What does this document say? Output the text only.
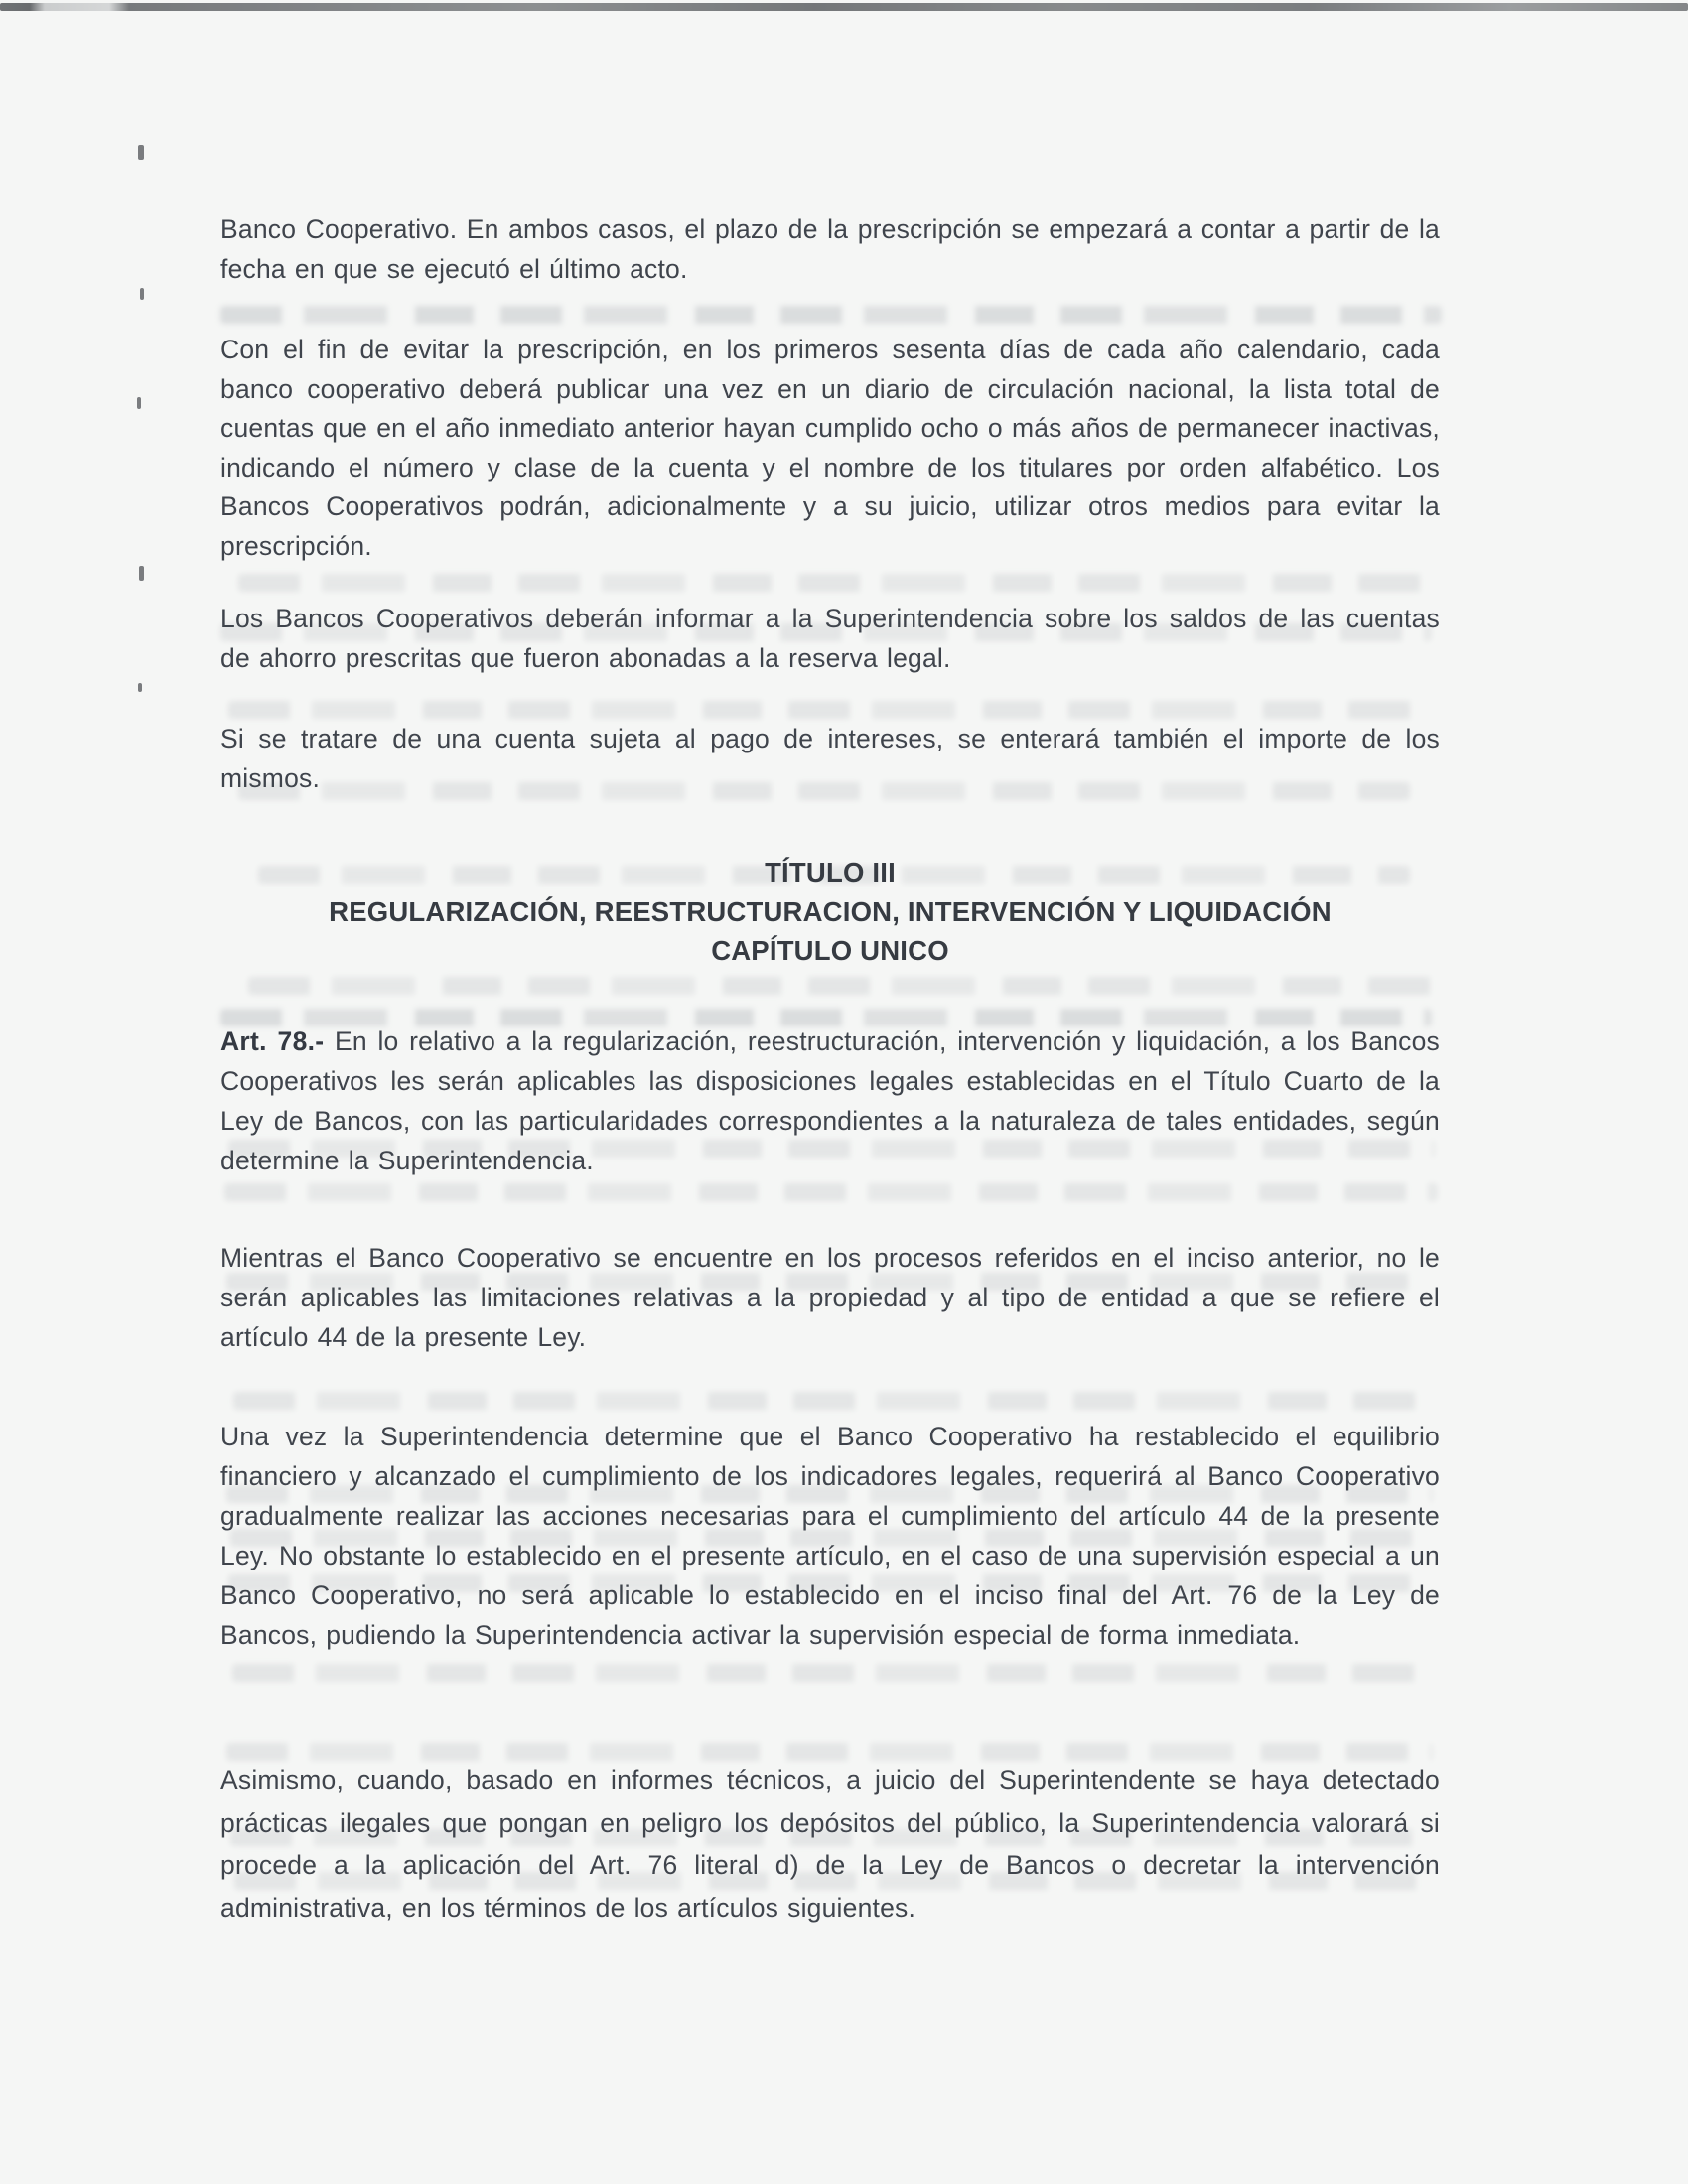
Banco Cooperativo. En ambos casos, el plazo de la prescripción se empezará a contar a partir de la fecha en que se ejecutó el último acto.

Con el fin de evitar la prescripción, en los primeros sesenta días de cada año calendario, cada banco cooperativo deberá publicar una vez en un diario de circulación nacional, la lista total de cuentas que en el año inmediato anterior hayan cumplido ocho o más años de permanecer inactivas, indicando el número y clase de la cuenta y el nombre de los titulares por orden alfabético. Los Bancos Cooperativos podrán, adicionalmente y a su juicio, utilizar otros medios para evitar la prescripción.

Los Bancos Cooperativos deberán informar a la Superintendencia sobre los saldos de las cuentas de ahorro prescritas que fueron abonadas a la reserva legal.

Si se tratare de una cuenta sujeta al pago de intereses, se enterará también el importe de los mismos.

TÍTULO III
REGULARIZACIÓN, REESTRUCTURACION, INTERVENCIÓN Y LIQUIDACIÓN
CAPÍTULO UNICO

Art. 78.- En lo relativo a la regularización, reestructuración, intervención y liquidación, a los Bancos Cooperativos les serán aplicables las disposiciones legales establecidas en el Título Cuarto de la Ley de Bancos, con las particularidades correspondientes a la naturaleza de tales entidades, según determine la Superintendencia.

Mientras el Banco Cooperativo se encuentre en los procesos referidos en el inciso anterior, no le serán aplicables las limitaciones relativas a la propiedad y al tipo de entidad a que se refiere el artículo 44 de la presente Ley.

Una vez la Superintendencia determine que el Banco Cooperativo ha restablecido el equilibrio financiero y alcanzado el cumplimiento de los indicadores legales, requerirá al Banco Cooperativo gradualmente realizar las acciones necesarias para el cumplimiento del artículo 44 de la presente Ley. No obstante lo establecido en el presente artículo, en el caso de una supervisión especial a un Banco Cooperativo, no será aplicable lo establecido en el inciso final del Art. 76 de la Ley de Bancos, pudiendo la Superintendencia activar la supervisión especial de forma inmediata.

Asimismo, cuando, basado en informes técnicos, a juicio del Superintendente se haya detectado prácticas ilegales que pongan en peligro los depósitos del público, la Superintendencia valorará si procede a la aplicación del Art. 76 literal d) de la Ley de Bancos o decretar la intervención administrativa, en los términos de los artículos siguientes.
